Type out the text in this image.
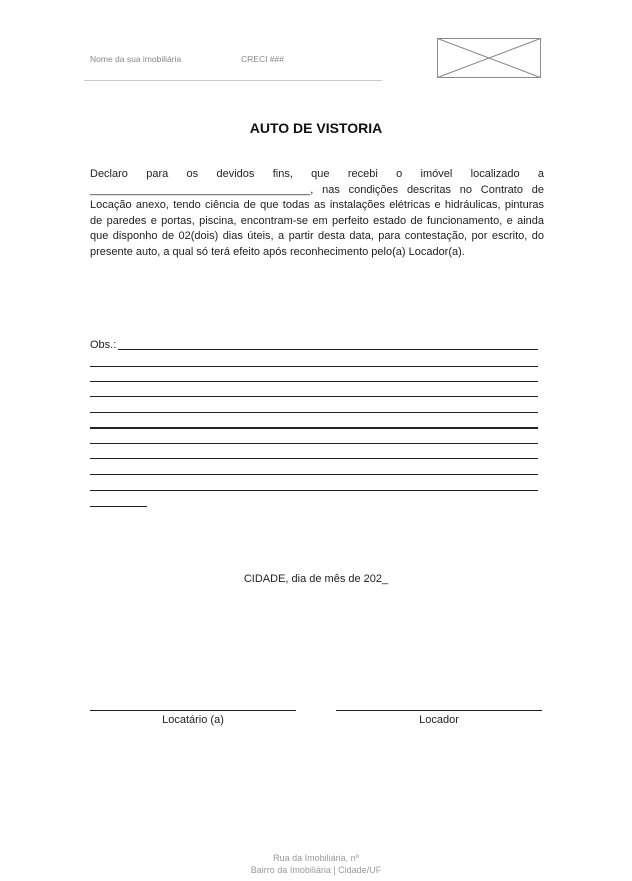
Nome da sua imobiliária	CRECI ###
AUTO DE VISTORIA
Declaro para os devidos fins, que recebi o imóvel localizado a ____________________________________, nas condições descritas no Contrato de Locação anexo, tendo ciência de que todas as instalações elétricas e hidráulicas, pinturas de paredes e portas, piscina, encontram-se em perfeito estado de funcionamento, e ainda que disponho de 02(dois) dias úteis, a partir desta data, para contestação, por escrito, do presente auto, a qual só terá efeito após reconhecimento pelo(a) Locador(a).
Obs.:
CIDADE, dia de mês de 202_
Locatário (a)	Locador
Rua da Imobiliária, nº
Bairro da Imobiliária | Cidade/UF
